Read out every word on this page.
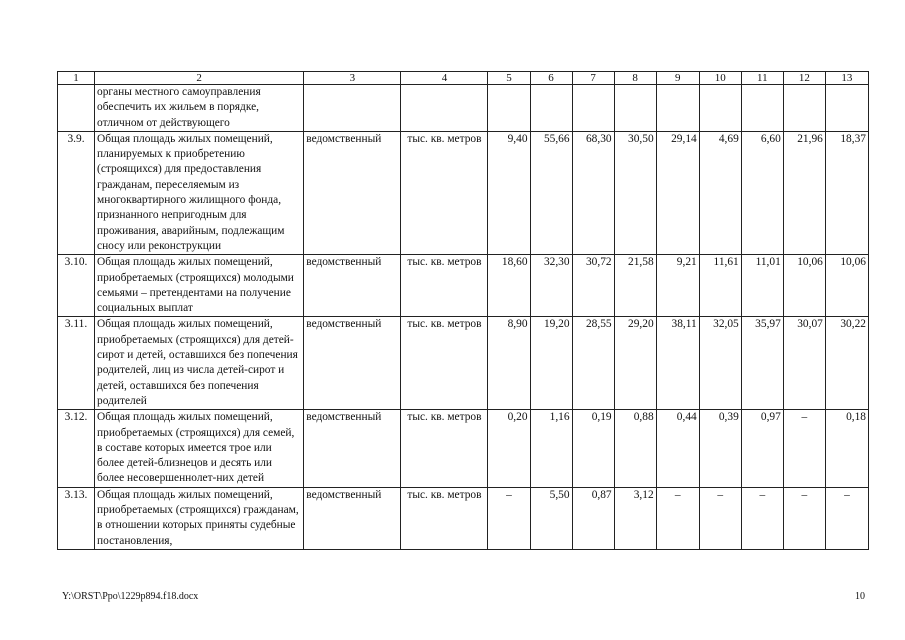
1	2	3	4	5	6	7	8	9	10	11	12	13
	органы местного самоуправления обеспечить их жильем в порядке, отличном от действующего											
3.9.	Общая площадь жилых помещений, планируемых к приобретению (строящихся) для предоставления гражданам, переселяемым из многоквартирного жилищного фонда, признанного непригодным для проживания, аварийным, подлежащим сносу или реконструкции	ведомственный	тыс. кв. метров	9,40	55,66	68,30	30,50	29,14	4,69	6,60	21,96	18,37
3.10.	Общая площадь жилых помещений, приобретаемых (строящихся) молодыми семьями – претендентами на получение социальных выплат	ведомственный	тыс. кв. метров	18,60	32,30	30,72	21,58	9,21	11,61	11,01	10,06	10,06
3.11.	Общая площадь жилых помещений, приобретаемых (строящихся) для детей-сирот и детей, оставшихся без попечения родителей, лиц из числа детей-сирот и детей, оставшихся без попечения родителей	ведомственный	тыс. кв. метров	8,90	19,20	28,55	29,20	38,11	32,05	35,97	30,07	30,22
3.12.	Общая площадь жилых помещений, приобретаемых (строящихся) для семей, в составе которых имеется трое или более детей-близнецов и десять или более несовершеннолет-них детей	ведомственный	тыс. кв. метров	0,20	1,16	0,19	0,88	0,44	0,39	0,97	–	0,18
3.13.	Общая площадь жилых помещений, приобретаемых (строящихся) гражданам, в отношении которых приняты судебные постановления,	ведомственный	тыс. кв. метров	–	5,50	0,87	3,12	–	–	–	–	–
Y:\ORST\Ppo\1229p894.f18.docx	10
